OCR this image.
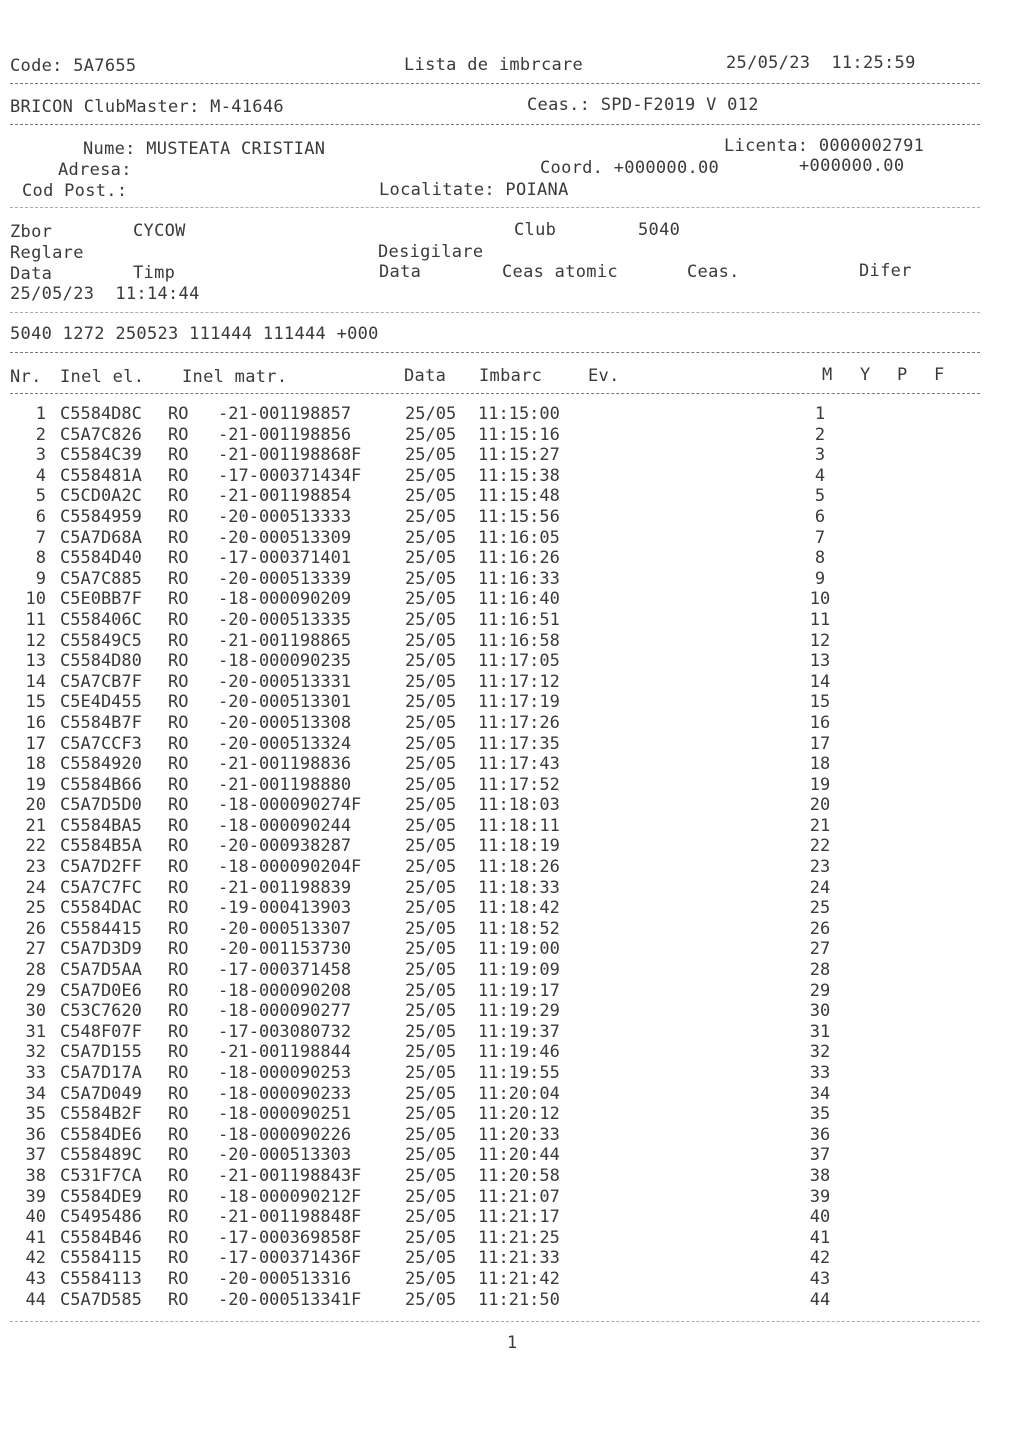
Code: 5A7655	Lista de imbrcare	25/05/23  11:25:59
BRICON ClubMaster: M-41646	Ceas.: SPD-F2019 V 012
Nume: MUSTEATA CRISTIAN	Licenta: 0000002791
Adresa:	Coord. +000000.00	+000000.00
Cod Post.:	Localitate: POIANA
Zbor	CYCOW	Club	5040
Reglare	Desigilare
Data	Timp	Data	Ceas atomic	Ceas.	Difer
25/05/23  11:14:44
5040 1272 250523 111444 111444 +000
Nr. Inel el. Inel matr.	Data Imbarc	Ev.	M Y P F
1 C5584D8C RO -21-001198857	25/05 11:15:00	1
2 C5A7C826 RO -21-001198856	25/05 11:15:16	2
3 C5584C39 RO -21-001198868F	25/05 11:15:27	3
4 C558481A RO -17-000371434F	25/05 11:15:38	4
5 C5CD0A2C RO -21-001198854	25/05 11:15:48	5
6 C5584959 RO -20-000513333	25/05 11:15:56	6
7 C5A7D68A RO -20-000513309	25/05 11:16:05	7
8 C5584D40 RO -17-000371401	25/05 11:16:26	8
9 C5A7C885 RO -20-000513339	25/05 11:16:33	9
10 C5E0BB7F RO -18-000090209	25/05 11:16:40	10
11 C558406C RO -20-000513335	25/05 11:16:51	11
12 C55849C5 RO -21-001198865	25/05 11:16:58	12
13 C5584D80 RO -18-000090235	25/05 11:17:05	13
14 C5A7CB7F RO -20-000513331	25/05 11:17:12	14
15 C5E4D455 RO -20-000513301	25/05 11:17:19	15
16 C5584B7F RO -20-000513308	25/05 11:17:26	16
17 C5A7CCF3 RO -20-000513324	25/05 11:17:35	17
18 C5584920 RO -21-001198836	25/05 11:17:43	18
19 C5584B66 RO -21-001198880	25/05 11:17:52	19
20 C5A7D5D0 RO -18-000090274F	25/05 11:18:03	20
21 C5584BA5 RO -18-000090244	25/05 11:18:11	21
22 C5584B5A RO -20-000938287	25/05 11:18:19	22
23 C5A7D2FF RO -18-000090204F	25/05 11:18:26	23
24 C5A7C7FC RO -21-001198839	25/05 11:18:33	24
25 C5584DAC RO -19-000413903	25/05 11:18:42	25
26 C5584415 RO -20-000513307	25/05 11:18:52	26
27 C5A7D3D9 RO -20-001153730	25/05 11:19:00	27
28 C5A7D5AA RO -17-000371458	25/05 11:19:09	28
29 C5A7D0E6 RO -18-000090208	25/05 11:19:17	29
30 C53C7620 RO -18-000090277	25/05 11:19:29	30
31 C548F07F RO -17-003080732	25/05 11:19:37	31
32 C5A7D155 RO -21-001198844	25/05 11:19:46	32
33 C5A7D17A RO -18-000090253	25/05 11:19:55	33
34 C5A7D049 RO -18-000090233	25/05 11:20:04	34
35 C5584B2F RO -18-000090251	25/05 11:20:12	35
36 C5584DE6 RO -18-000090226	25/05 11:20:33	36
37 C558489C RO -20-000513303	25/05 11:20:44	37
38 C531F7CA RO -21-001198843F	25/05 11:20:58	38
39 C5584DE9 RO -18-000090212F	25/05 11:21:07	39
40 C5495486 RO -21-001198848F	25/05 11:21:17	40
41 C5584B46 RO -17-000369858F	25/05 11:21:25	41
42 C5584115 RO -17-000371436F	25/05 11:21:33	42
43 C5584113 RO -20-000513316	25/05 11:21:42	43
44 C5A7D585 RO -20-000513341F	25/05 11:21:50	44
1
